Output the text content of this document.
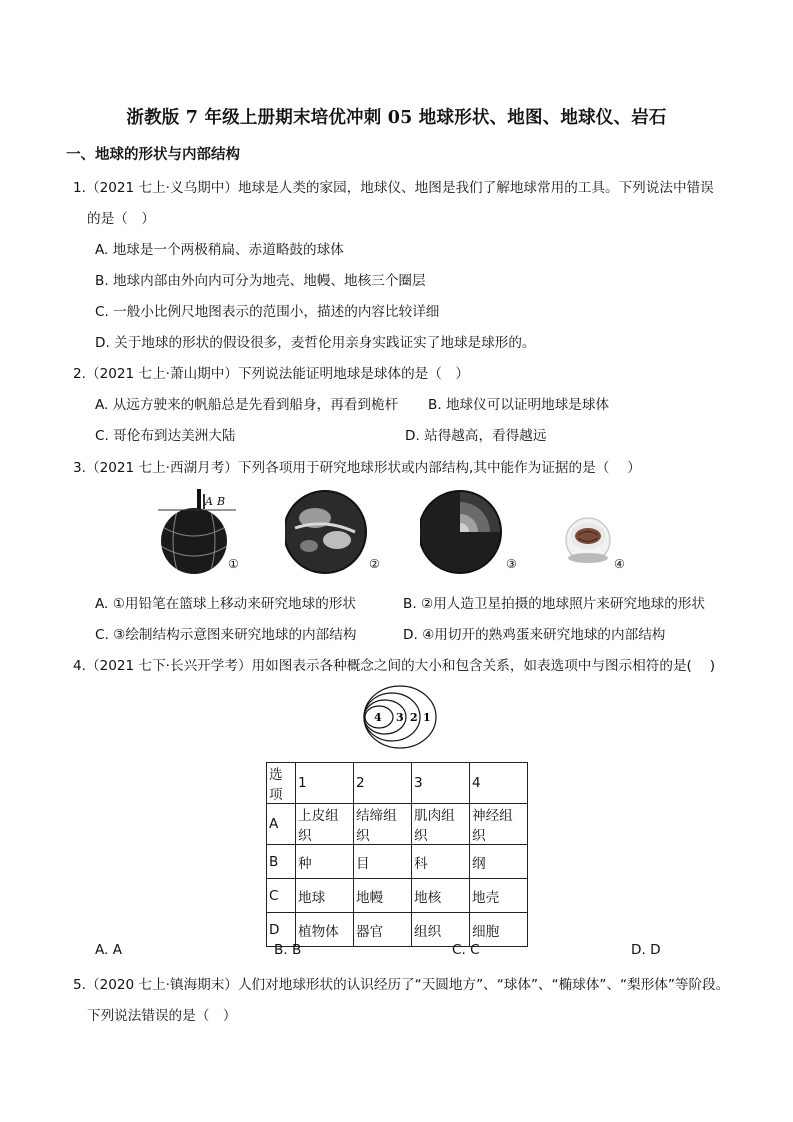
浙教版 7 年级上册期末培优冲刺 05 地球形状、地图、地球仪、岩石
一、地球的形状与内部结构
1.（2021 七上·义乌期中）地球是人类的家园，地球仪、地图是我们了解地球常用的工具。下列说法中错误
的是（　）
A. 地球是一个两极稍扁、赤道略鼓的球体
B. 地球内部由外向内可分为地壳、地幔、地核三个圈层
C. 一般小比例尺地图表示的范围小，描述的内容比较详细
D. 关于地球的形状的假设很多，麦哲伦用亲身实践证实了地球是球形的。
2.（2021 七上·萧山期中）下列说法能证明地球是球体的是（　）
A. 从远方驶来的帆船总是先看到船身，再看到桅杆 B. 地球仪可以证明地球是球体
C. 哥伦布到达美洲大陆	D. 站得越高，看得越远
3.（2021 七上·西湖月考）下列各项用于研究地球形状或内部结构,其中能作为证据的是（　 ）
A B
①	②	③	④
A. ①用铅笔在篮球上移动来研究地球的形状	B. ②用人造卫星拍摄的地球照片来研究地球的形状
C. ③绘制结构示意图来研究地球的内部结构	D. ④用切开的熟鸡蛋来研究地球的内部结构
4.（2021 七下·长兴开学考）用如图表示各种概念之间的大小和包含关系，如表选项中与图示相符的是(　 )
4 3 2 1
选项	1	2	3	4
A	上皮组织	结缔组织	肌肉组织	神经组织
B	种	目	科	纲
C	地球	地幔	地核	地壳
D	植物体	器官	组织	细胞
A. A	B. B	C. C	D. D
5.（2020 七上·镇海期末）人们对地球形状的认识经历了“天圆地方”、“球体”、“椭球体”、“梨形体”等阶段。
下列说法错误的是（　）
